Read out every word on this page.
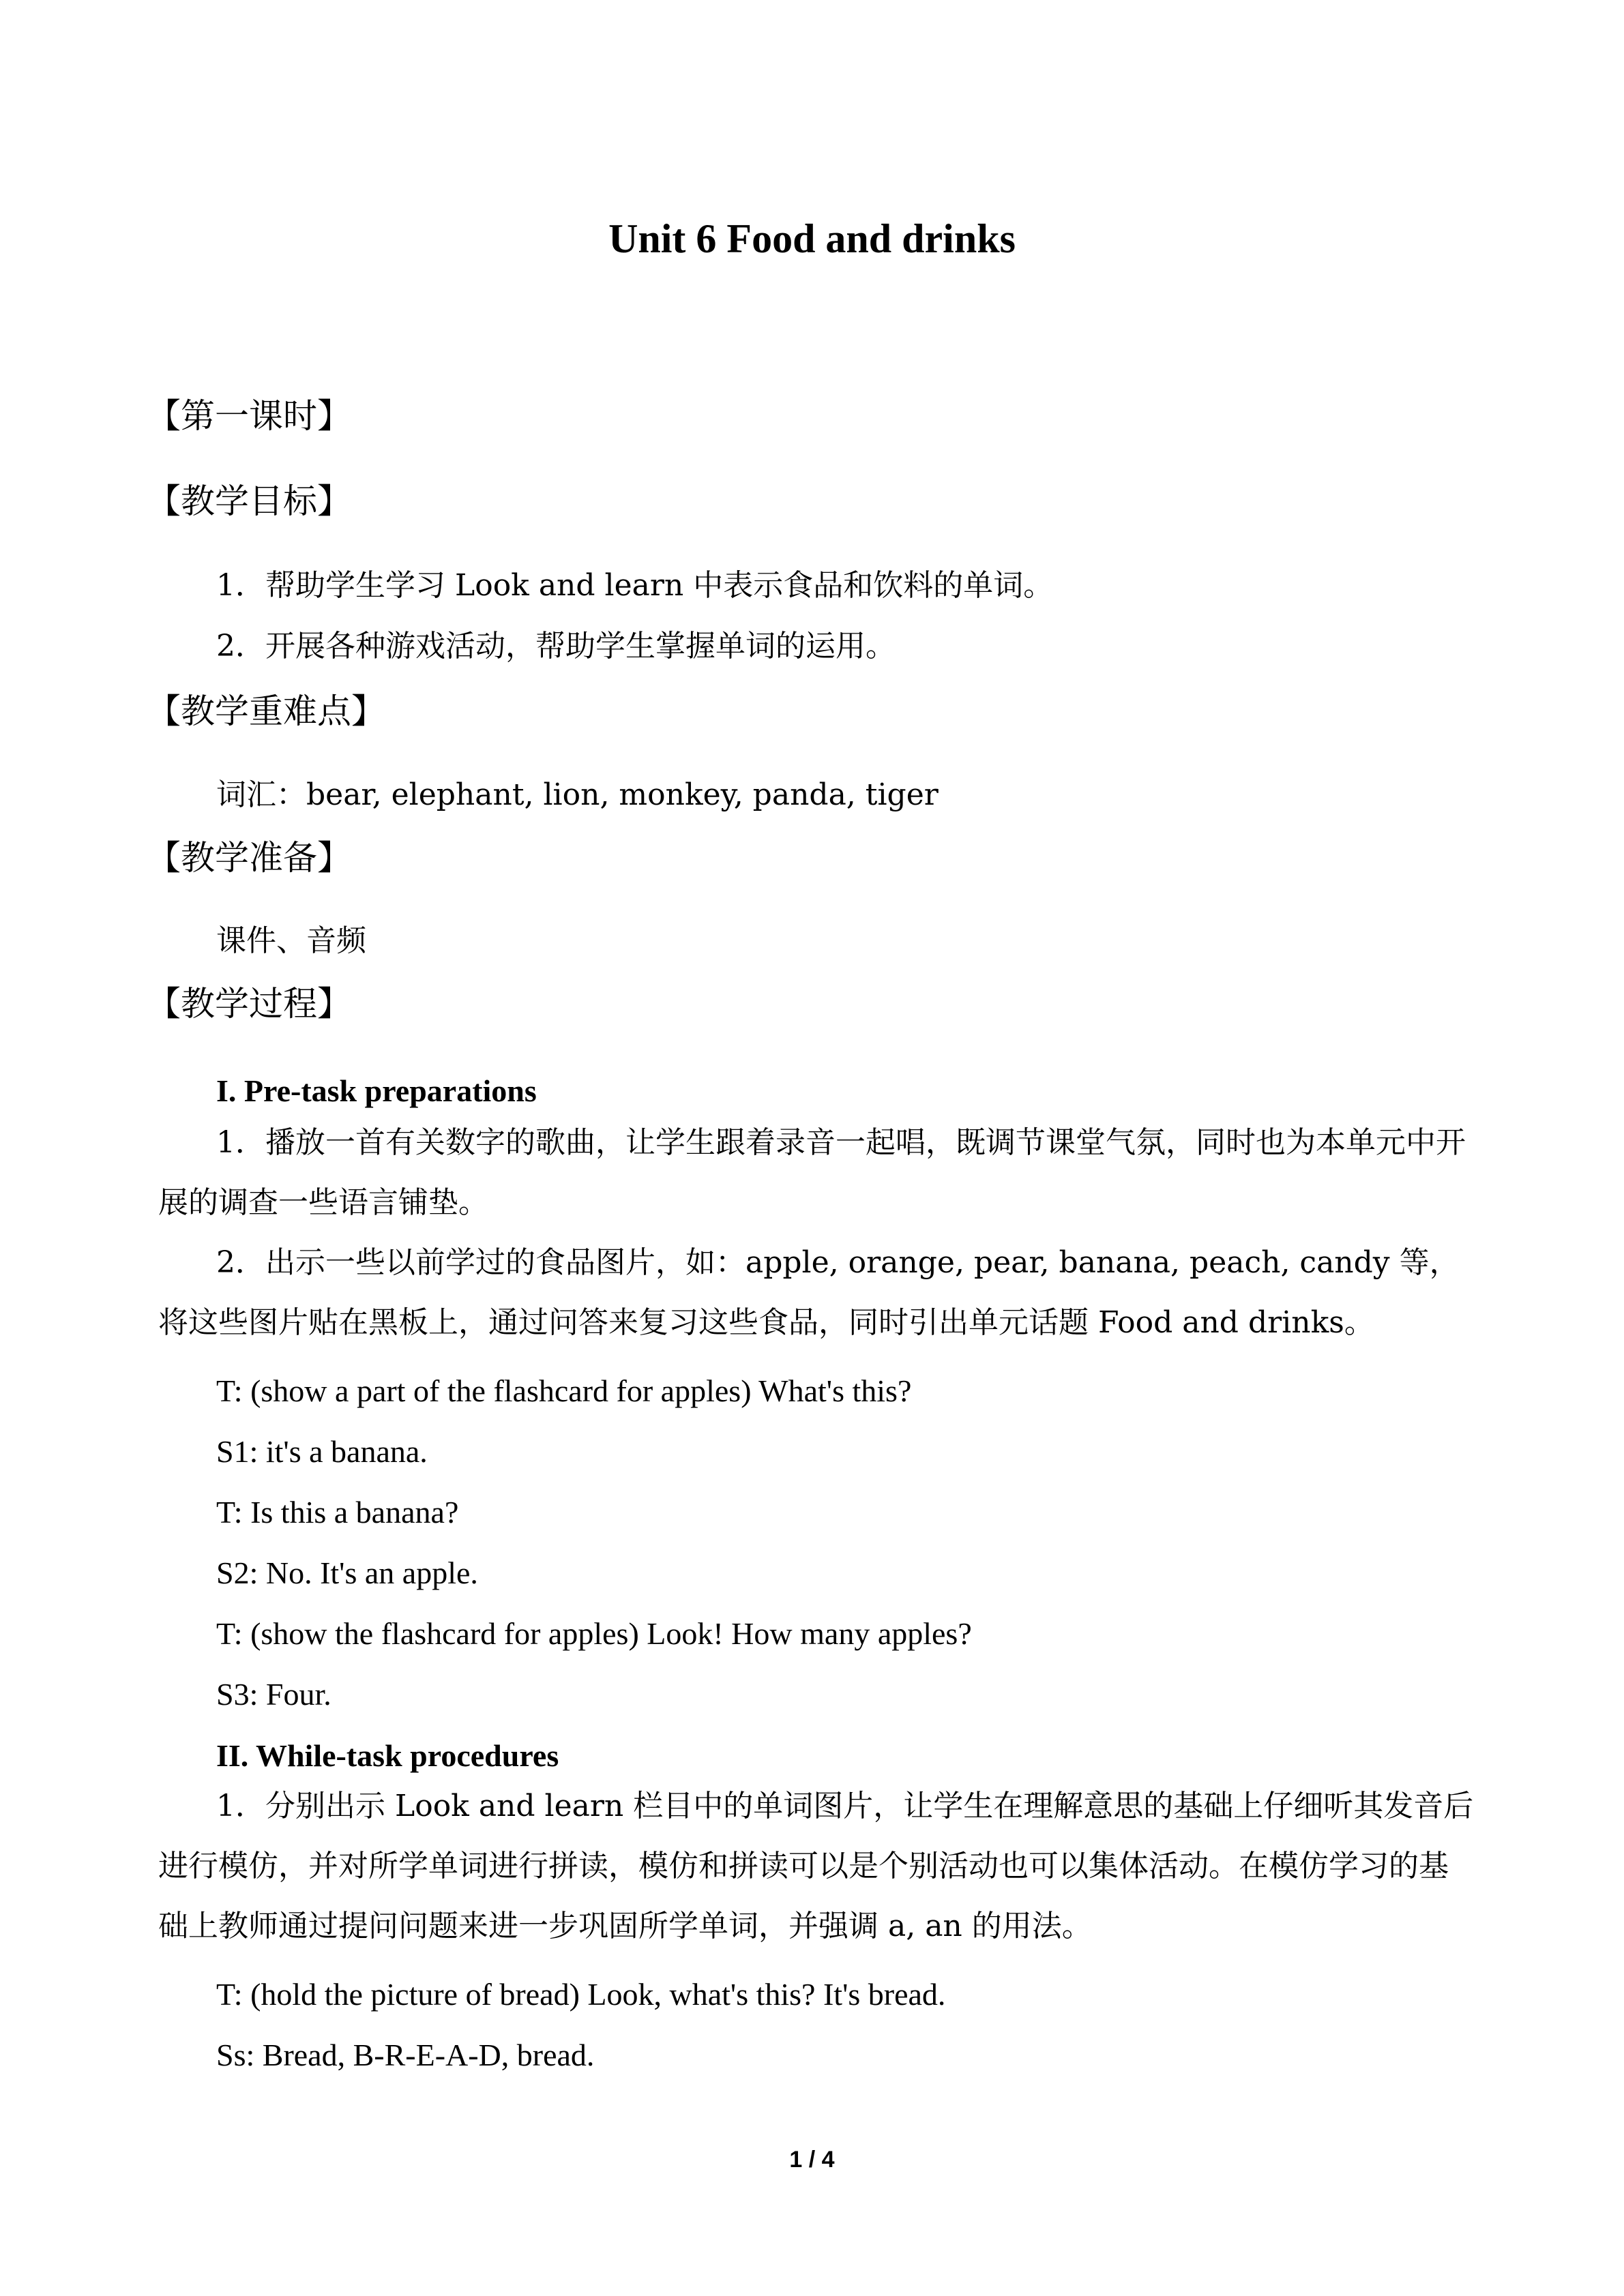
Unit 6 Food and drinks
【第一课时】
【教学目标】

1．帮助学生学习 Look and learn 中表示食品和饮料的单词。

2．开展各种游戏活动，帮助学生掌握单词的运用。

【教学重难点】

词汇：bear, elephant, lion, monkey, panda, tiger

【教学准备】

课件、音频

【教学过程】
I. Pre-task preparations

1．播放一首有关数字的歌曲，让学生跟着录音一起唱，既调节课堂气氛，同时也为本单元中开展的调查一些语言铺垫。

2．出示一些以前学过的食品图片，如：apple, orange, pear, banana, peach, candy 等，将这些图片贴在黑板上，通过问答来复习这些食品，同时引出单元话题 Food and drinks。

T: (show a part of the flashcard for apples) What's this?
S1: it's a banana.
T: Is this a banana?
S2: No. It's an apple.
T: (show the flashcard for apples) Look! How many apples?
S3: Four.
II. While-task procedures

1．分别出示 Look and learn 栏目中的单词图片，让学生在理解意思的基础上仔细听其发音后进行模仿，并对所学单词进行拼读，模仿和拼读可以是个别活动也可以集体活动。在模仿学习的基础上教师通过提问问题来进一步巩固所学单词，并强调 a, an 的用法。

T: (hold the picture of bread) Look, what's this? It's bread.
Ss: Bread, B-R-E-A-D, bread.
1 / 4
